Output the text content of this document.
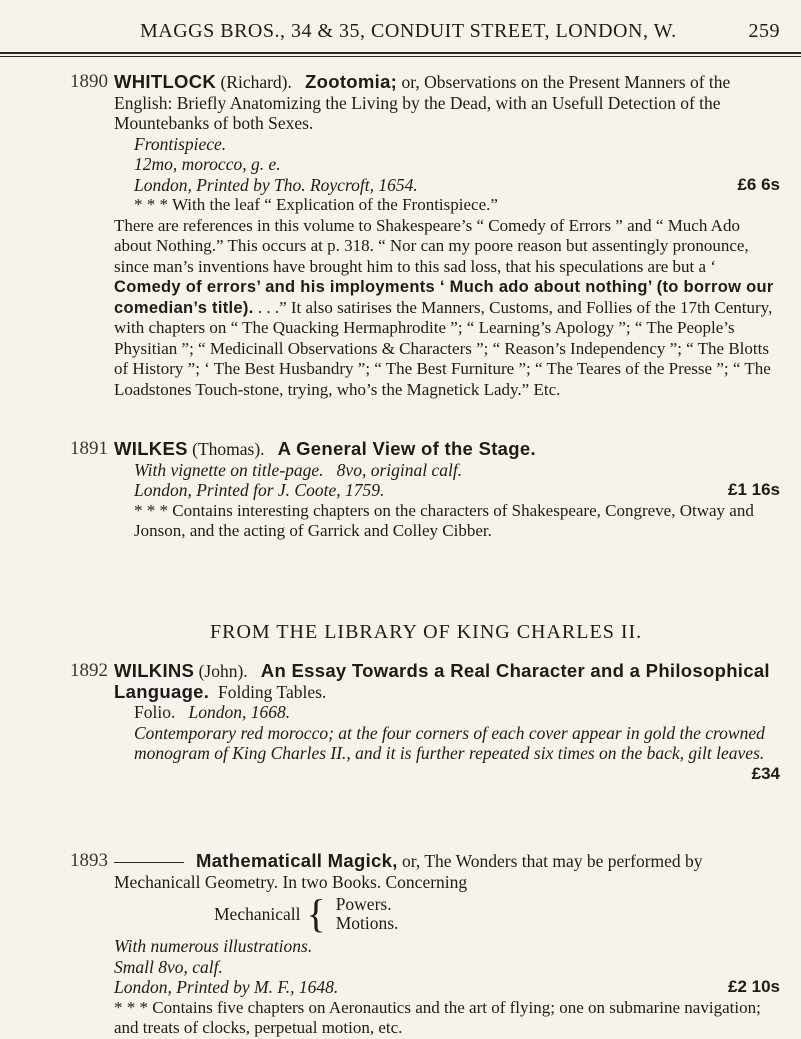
MAGGS BROS., 34 & 35, CONDUIT STREET, LONDON, W.	259
1890 WHITLOCK (Richard). Zootomia; or, Observations on the Present Manners of the English: Briefly Anatomizing the Living by the Dead, with an Usefull Detection of the Mountebanks of both Sexes.

Frontispiece.

12mo, morocco, g. e.

London, Printed by Tho. Roycroft, 1654.	£6 6s

* * * With the leaf “ Explication of the Frontispiece.”

There are references in this volume to Shakespeare’s “ Comedy of Errors ” and “ Much Ado about Nothing.” This occurs at p. 318. “ Nor can my poore reason but assentingly pronounce, since man’s inventions have brought him to this sad loss, that his speculations are but a ‘ Comedy of errors’ and his imployments ‘ Much ado about nothing’ (to borrow our comedian’s title). . . .” It also satirises the Manners, Customs, and Follies of the 17th Century, with chapters on “ The Quacking Hermaphrodite ”; “ Learning’s Apology ”; “ The People’s Physitian ”; “ Medicinall Observations & Characters ”; “ Reason’s Independency ”; “ The Blotts of History ”; ‘ The Best Husbandry ”; “ The Best Furniture ”; “ The Teares of the Presse ”; “ The Loadstones Touch-stone, trying, who’s the Magnetick Lady.” Etc.

1891 WILKES (Thomas). A General View of the Stage.

With vignette on title-page. 8vo, original calf.

London, Printed for J. Coote, 1759.	£1 16s

* * * Contains interesting chapters on the characters of Shakespeare, Congreve, Otway and Jonson, and the acting of Garrick and Colley Cibber.

FROM THE LIBRARY OF KING CHARLES II.
1892 WILKINS (John). An Essay Towards a Real Character and a Philosophical Language. Folding Tables.

Folio. London, 1668.

Contemporary red morocco; at the four corners of each cover appear in gold the crowned monogram of King Charles II., and it is further repeated six times on the back, gilt leaves.

£34
1893	Mathematicall Magick, or, The Wonders that may be performed by Mechanicall Geometry. In two Books. Concerning

Mechanicall { Powers.
Motions.

With numerous illustrations.

Small 8vo, calf.

London, Printed by M. F., 1648.	£2 10s

* * * Contains five chapters on Aeronautics and the art of flying; one on submarine navigation; and treats of clocks, perpetual motion, etc.
